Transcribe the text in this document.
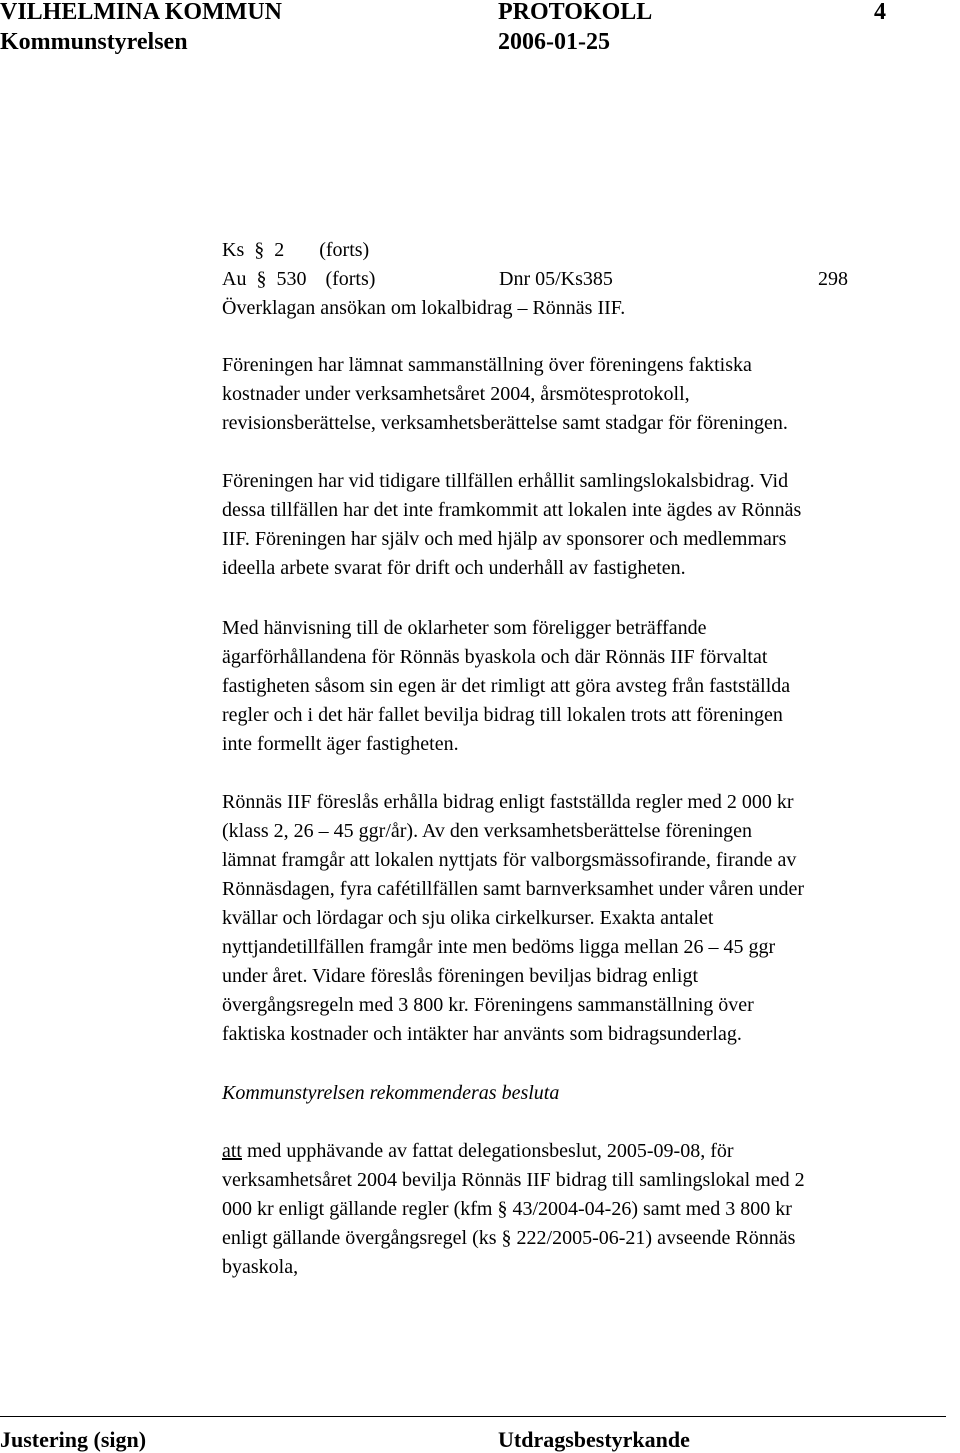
VILHELMINA KOMMUN	PROTOKOLL	4
Kommunstyrelsen	2006-01-25
Ks § 2 (forts)
Au § 530 (forts)	Dnr 05/Ks385	298
Överklagan ansökan om lokalbidrag – Rönnäs IIF.
Föreningen har lämnat sammanställning över föreningens faktiska
kostnader under verksamhetsåret 2004, årsmötesprotokoll,
revisionsberättelse, verksamhetsberättelse samt stadgar för föreningen.
Föreningen har vid tidigare tillfällen erhållit samlingslokalsbidrag. Vid
dessa tillfällen har det inte framkommit att lokalen inte ägdes av Rönnäs
IIF. Föreningen har själv och med hjälp av sponsorer och medlemmars
ideella arbete svarat för drift och underhåll av fastigheten.
Med hänvisning till de oklarheter som föreligger beträffande
ägarförhållandena för Rönnäs byaskola och där Rönnäs IIF förvaltat
fastigheten såsom sin egen är det rimligt att göra avsteg från fastställda
regler och i det här fallet bevilja bidrag till lokalen trots att föreningen
inte formellt äger fastigheten.
Rönnäs IIF föreslås erhålla bidrag enligt fastställda regler med 2 000 kr
(klass 2, 26 – 45 ggr/år). Av den verksamhetsberättelse föreningen
lämnat framgår att lokalen nyttjats för valborgsmässofirande, firande av
Rönnäsdagen, fyra cafétillfällen samt barnverksamhet under våren under
kvällar och lördagar och sju olika cirkelkurser. Exakta antalet
nyttjandetillfällen framgår inte men bedöms ligga mellan 26 – 45 ggr
under året. Vidare föreslås föreningen beviljas bidrag enligt
övergångsregeln med 3 800 kr. Föreningens sammanställning över
faktiska kostnader och intäkter har använts som bidragsunderlag.
Kommunstyrelsen rekommenderas besluta
att med upphävande av fattat delegationsbeslut, 2005-09-08, för
verksamhetsåret 2004 bevilja Rönnäs IIF bidrag till samlingslokal med 2
000 kr enligt gällande regler (kfm § 43/2004-04-26) samt med 3 800 kr
enligt gällande övergångsregel (ks § 222/2005-06-21) avseende Rönnäs
byaskola,
Justering (sign)	Utdragsbestyrkande
